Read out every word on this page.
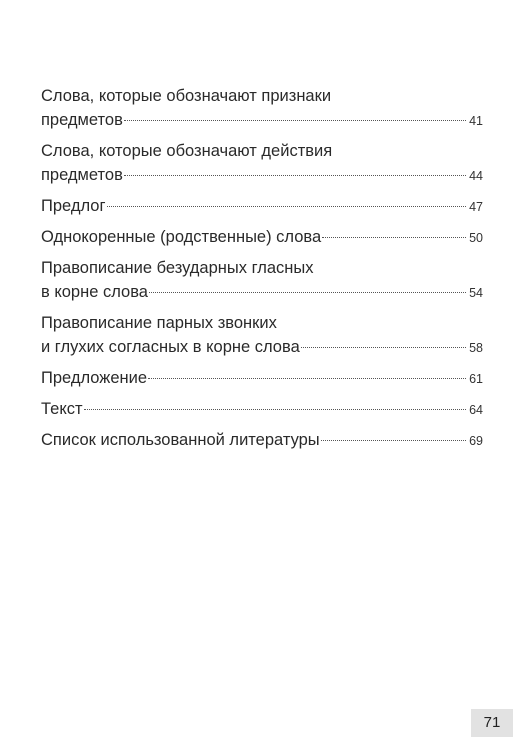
Слова, которые обозначают признаки
предметов	41
Слова, которые обозначают действия
предметов	44
Предлог	47
Однокоренные (родственные) слова	50
Правописание безударных гласных
в корне слова	54
Правописание парных звонких
и глухих согласных в корне слова	58
Предложение	61
Текст	64
Список использованной литературы	69
71
